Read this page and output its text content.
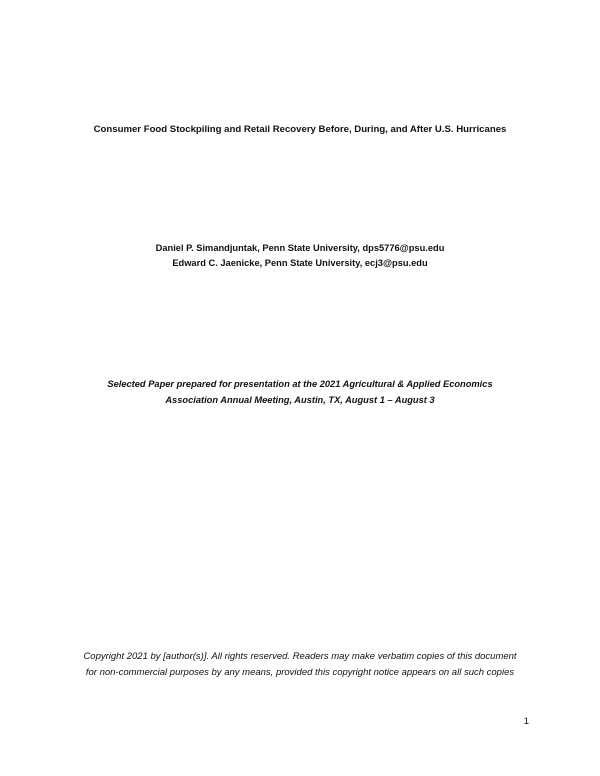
Consumer Food Stockpiling and Retail Recovery Before, During, and After U.S. Hurricanes
Daniel P. Simandjuntak, Penn State University, dps5776@psu.edu
Edward C. Jaenicke, Penn State University, ecj3@psu.edu
Selected Paper prepared for presentation at the 2021 Agricultural & Applied Economics
Association Annual Meeting, Austin, TX, August 1 – August 3
Copyright 2021 by [author(s)]. All rights reserved. Readers may make verbatim copies of this document
for non-commercial purposes by any means, provided this copyright notice appears on all such copies
1
